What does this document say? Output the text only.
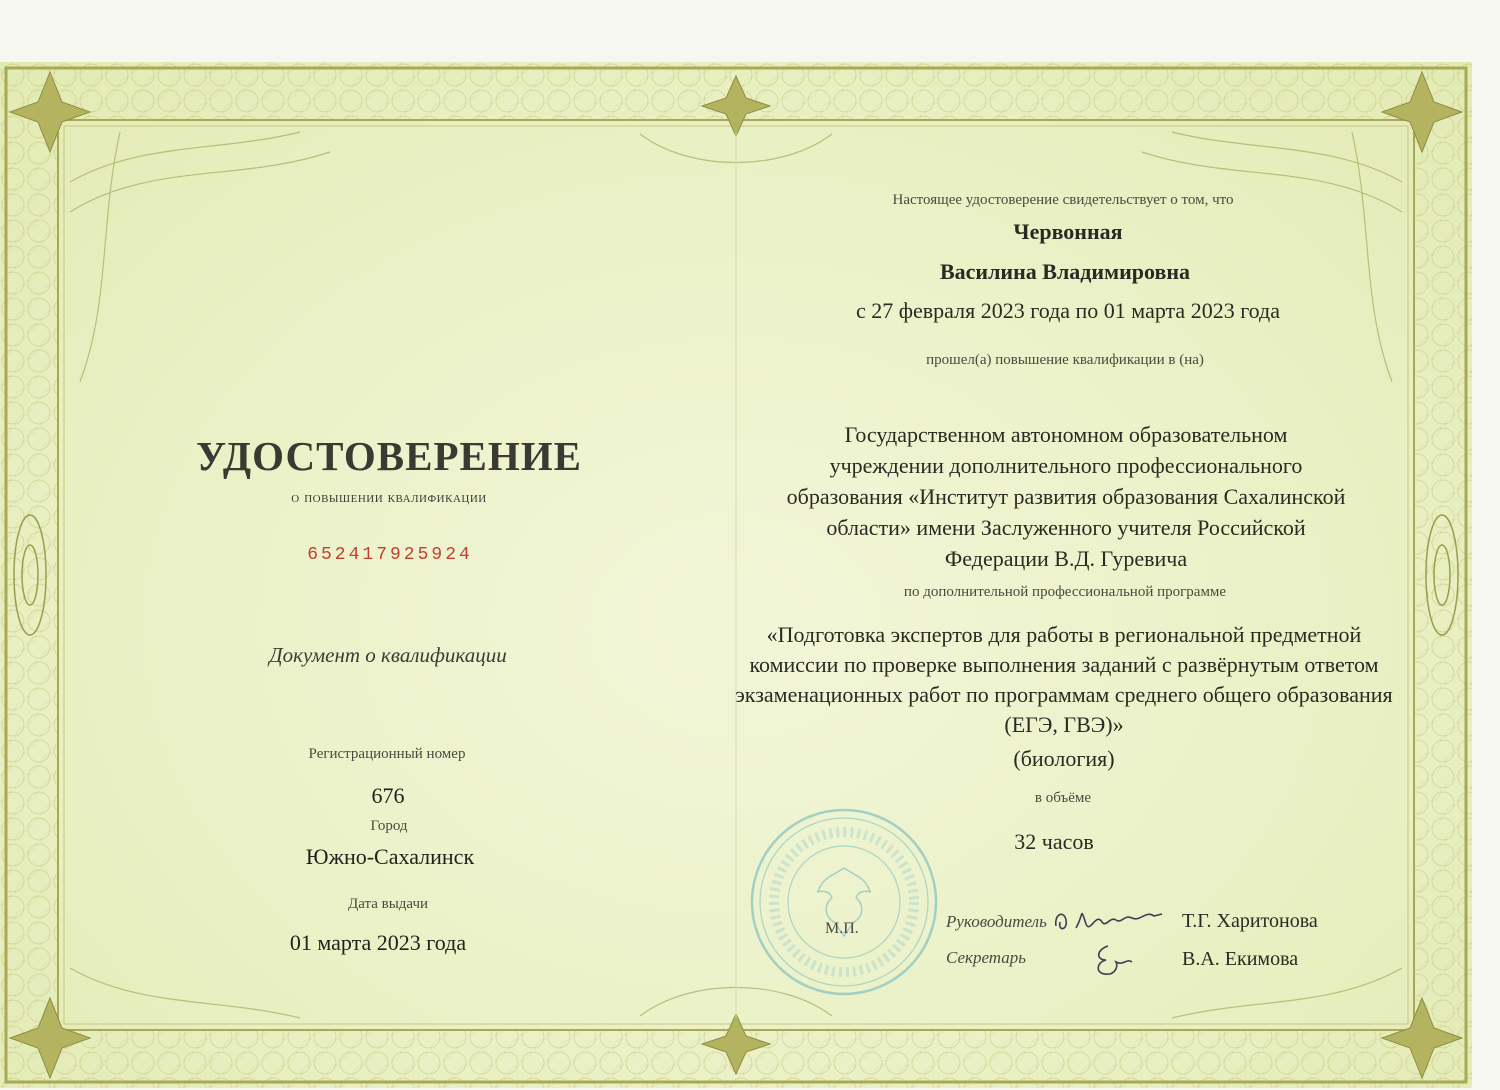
УДОСТОВЕРЕНИЕ
о повышении квалификации
652417925924
Документ о квалификации
Регистрационный номер
676
Город
Южно-Сахалинск
Дата выдачи
01 марта 2023 года
Настоящее удостоверение свидетельствует о том, что
Червонная
Василина Владимировна
с 27 февраля 2023 года по 01 марта 2023 года
прошел(а) повышение квалификации в (на)
Государственном автономном образовательном учреждении дополнительного профессионального образования «Институт развития образования Сахалинской области» имени Заслуженного учителя Российской Федерации В.Д. Гуревича
по дополнительной профессиональной программе
«Подготовка экспертов для работы в региональной предметной комиссии по проверке выполнения заданий с развёрнутым ответом экзаменационных работ по программам среднего общего образования (ЕГЭ, ГВЭ)»
(биология)
в объёме
32 часов
М.П.	Руководитель	Т.Г. Харитонова
Секретарь	В.А. Екимова
